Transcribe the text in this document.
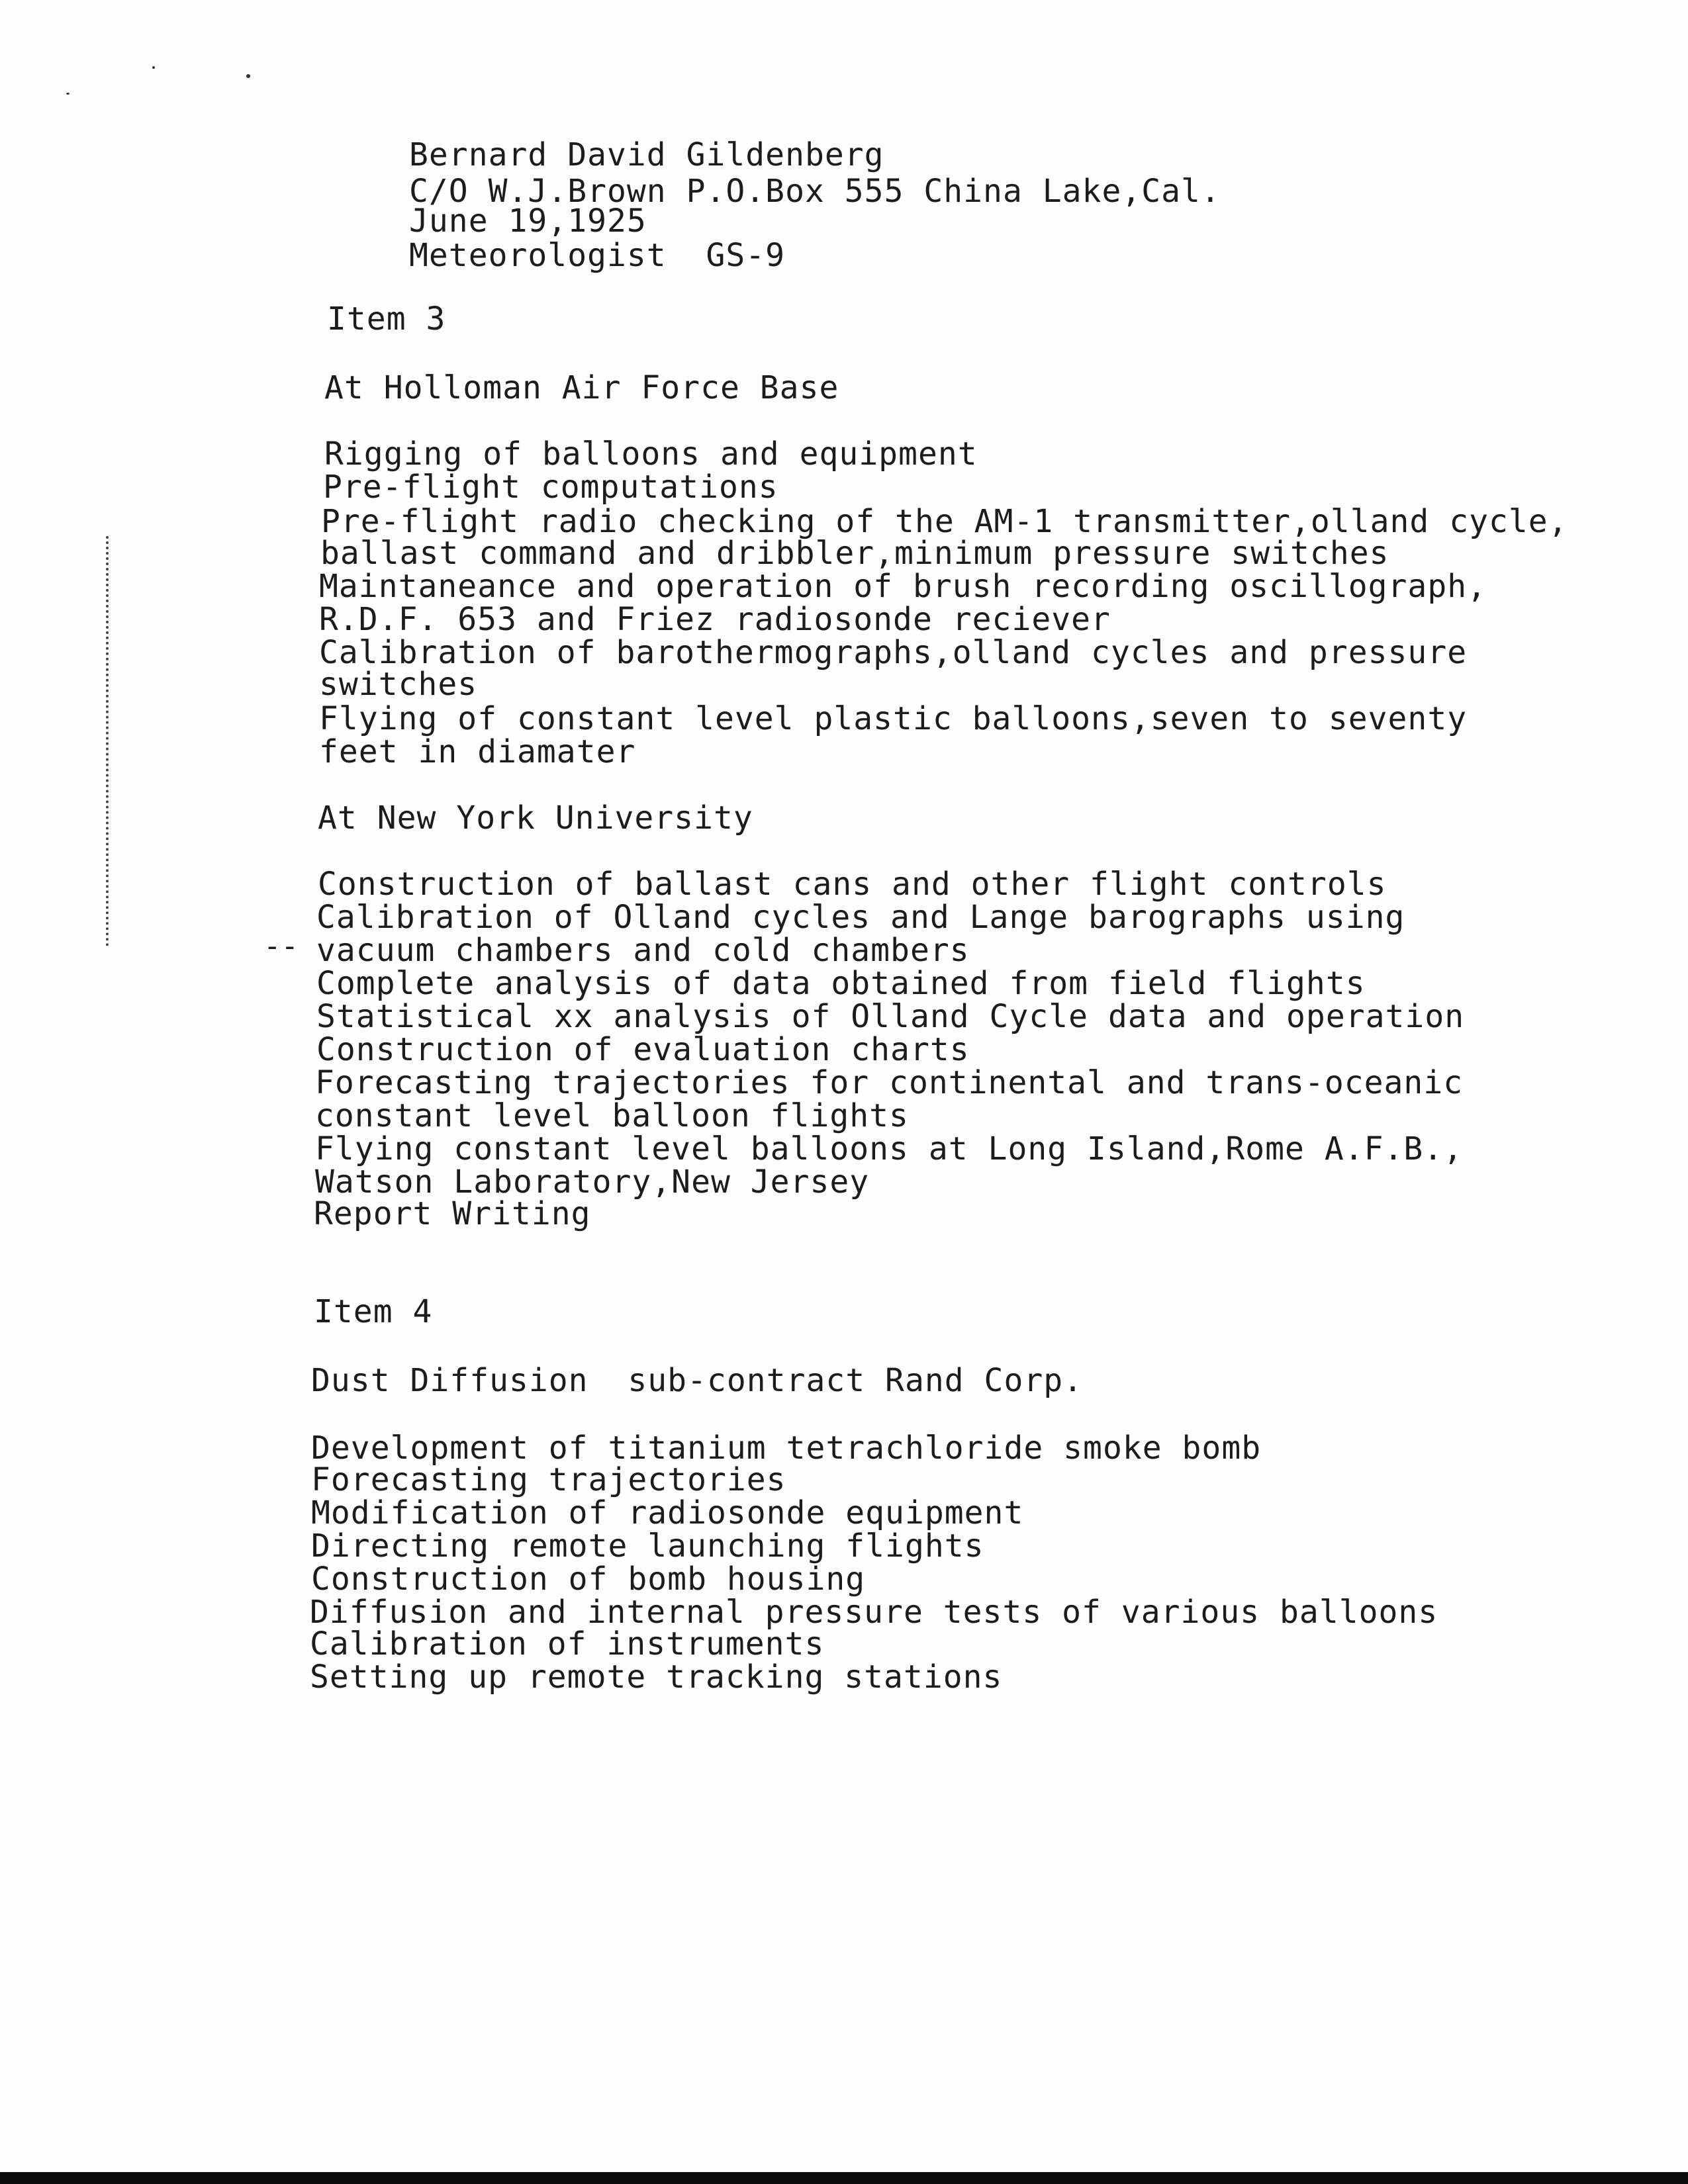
Bernard David Gildenberg
C/O W.J.Brown P.O.Box 555 China Lake,Cal.
June 19,1925
Meteorologist  GS-9
Item 3
At Holloman Air Force Base
Rigging of balloons and equipment
Pre-flight computations
Pre-flight radio checking of the AM-1 transmitter,olland cycle,
ballast command and dribbler,minimum pressure switches
Maintaneance and operation of brush recording oscillograph,
R.D.F. 653 and Friez radiosonde reciever
Calibration of barothermographs,olland cycles and pressure
switches
Flying of constant level plastic balloons,seven to seventy
feet in diamater
At New York University
Construction of ballast cans and other flight controls
Calibration of Olland cycles and Lange barographs using
vacuum chambers and cold chambers
Complete analysis of data obtained from field flights
Statistical xx analysis of Olland Cycle data and operation
Construction of evaluation charts
Forecasting trajectories for continental and trans-oceanic
constant level balloon flights
Flying constant level balloons at Long Island,Rome A.F.B.,
Watson Laboratory,New Jersey
Report Writing
Item 4
Dust Diffusion  sub-contract Rand Corp.
Development of titanium tetrachloride smoke bomb
Forecasting trajectories
Modification of radiosonde equipment
Directing remote launching flights
Construction of bomb housing
Diffusion and internal pressure tests of various balloons
Calibration of instruments
Setting up remote tracking stations
--
